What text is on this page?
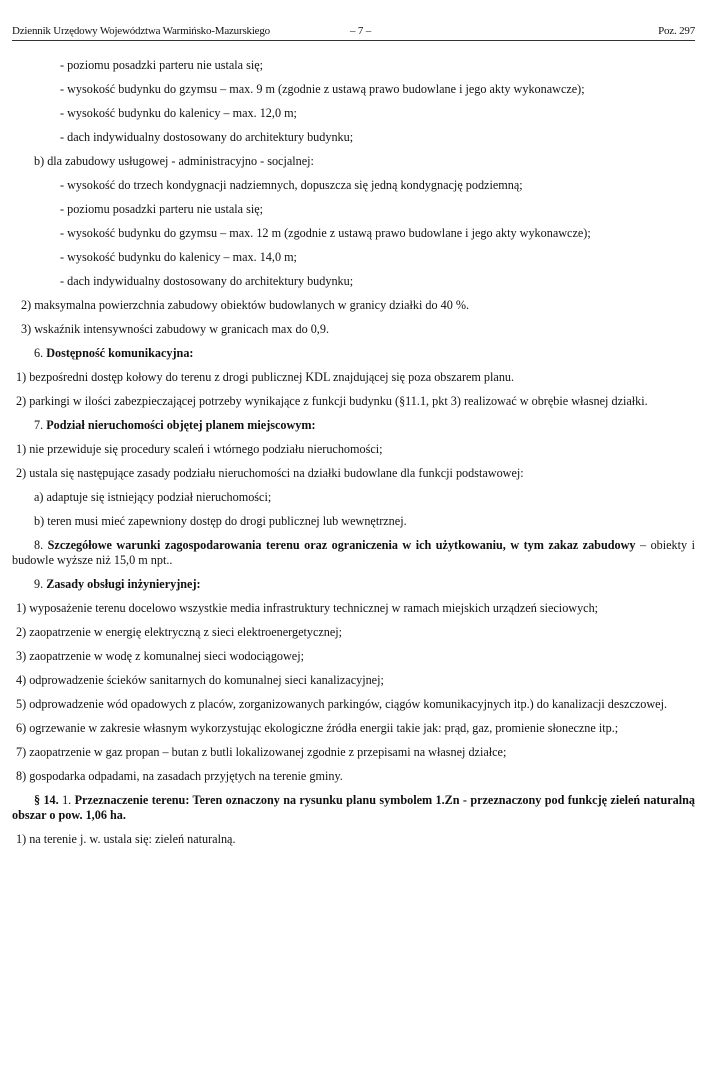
Dziennik Urzędowy Województwa Warmińsko-Mazurskiego	– 7 –	Poz. 297

- poziomu posadzki parteru nie ustala się;

- wysokość budynku do gzymsu – max. 9 m (zgodnie z ustawą prawo budowlane i jego akty wykonawcze);

- wysokość budynku do kalenicy – max. 12,0 m;

- dach indywidualny dostosowany do architektury budynku;

b) dla zabudowy usługowej - administracyjno - socjalnej:

- wysokość do trzech kondygnacji nadziemnych, dopuszcza się jedną kondygnację podziemną;

- poziomu posadzki parteru nie ustala się;

- wysokość budynku do gzymsu – max. 12 m (zgodnie z ustawą prawo budowlane i jego akty wykonawcze);

- wysokość budynku do kalenicy – max. 14,0 m;

- dach indywidualny dostosowany do architektury budynku;

2) maksymalna powierzchnia zabudowy obiektów budowlanych w granicy działki do 40 %.

3) wskaźnik intensywności zabudowy w granicach max do 0,9.

6. Dostępność komunikacyjna:

1) bezpośredni dostęp kołowy do terenu z drogi publicznej KDL znajdującej się poza obszarem planu.

2) parkingi w ilości zabezpieczającej potrzeby wynikające z funkcji budynku (§11.1, pkt 3) realizować w obrębie własnej działki.

7. Podział nieruchomości objętej planem miejscowym:

1) nie przewiduje się procedury scaleń i wtórnego podziału nieruchomości;

2) ustala się następujące zasady podziału nieruchomości na działki budowlane dla funkcji podstawowej:

a) adaptuje się istniejący podział nieruchomości;

b) teren musi mieć zapewniony dostęp do drogi publicznej lub wewnętrznej.

8. Szczegółowe warunki zagospodarowania terenu oraz ograniczenia w ich użytkowaniu, w tym zakaz zabudowy – obiekty i budowle wyższe niż 15,0 m npt..

9. Zasady obsługi inżynieryjnej:

1) wyposażenie terenu docelowo wszystkie media infrastruktury technicznej w ramach miejskich urządzeń sieciowych;

2) zaopatrzenie w energię elektryczną z sieci elektroenergetycznej;

3) zaopatrzenie w wodę z komunalnej sieci wodociągowej;

4) odprowadzenie ścieków sanitarnych do komunalnej sieci kanalizacyjnej;

5) odprowadzenie wód opadowych z placów, zorganizowanych parkingów, ciągów komunikacyjnych itp.) do kanalizacji deszczowej.

6) ogrzewanie w zakresie własnym wykorzystując ekologiczne źródła energii takie jak: prąd, gaz, promienie słoneczne itp.;

7) zaopatrzenie w gaz propan – butan z butli lokalizowanej zgodnie z przepisami na własnej działce;

8) gospodarka odpadami, na zasadach przyjętych na terenie gminy.

§ 14. 1. Przeznaczenie terenu: Teren oznaczony na rysunku planu symbolem 1.Zn - przeznaczony pod funkcję zieleń naturalną obszar o pow. 1,06 ha.

1) na terenie j. w. ustala się: zieleń naturalną.
